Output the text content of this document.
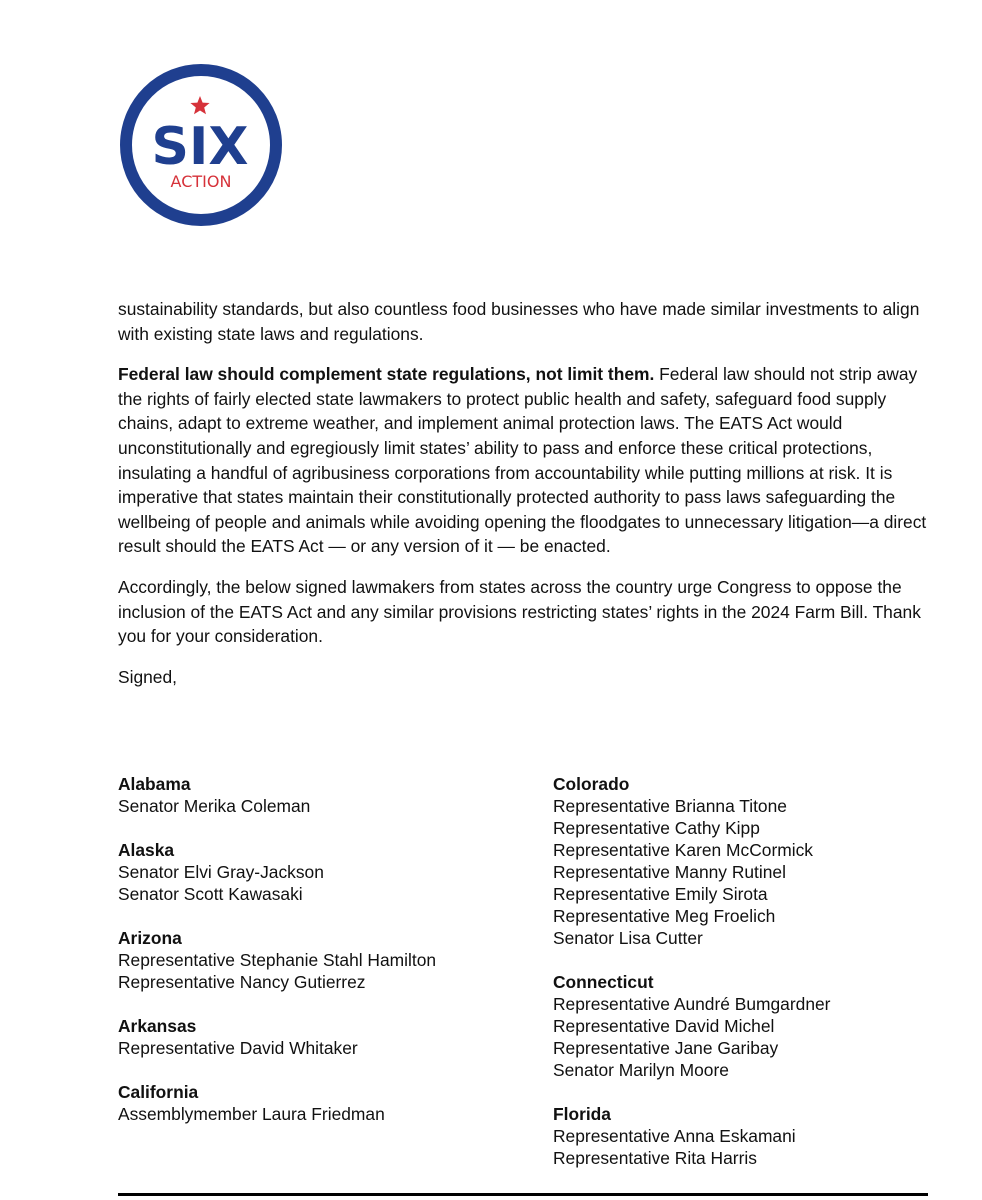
SIX
ACTION

sustainability standards, but also countless food businesses who have made similar investments to align with existing state laws and regulations.

Federal law should complement state regulations, not limit them. Federal law should not strip away the rights of fairly elected state lawmakers to protect public health and safety, safeguard food supply chains, adapt to extreme weather, and implement animal protection laws. The EATS Act would unconstitutionally and egregiously limit states’ ability to pass and enforce these critical protections, insulating a handful of agribusiness corporations from accountability while putting millions at risk. It is imperative that states maintain their constitutionally protected authority to pass laws safeguarding the wellbeing of people and animals while avoiding opening the floodgates to unnecessary litigation—a direct result should the EATS Act — or any version of it — be enacted.

Accordingly, the below signed lawmakers from states across the country urge Congress to oppose the inclusion of the EATS Act and any similar provisions restricting states’ rights in the 2024 Farm Bill. Thank you for your consideration.

Signed,

Alabama
Senator Merika Coleman
Alaska
Senator Elvi Gray-Jackson
Senator Scott Kawasaki
Arizona
Representative Stephanie Stahl Hamilton
Representative Nancy Gutierrez
Arkansas
Representative David Whitaker
California
Assemblymember Laura Friedman
Colorado
Representative Brianna Titone
Representative Cathy Kipp
Representative Karen McCormick
Representative Manny Rutinel
Representative Emily Sirota
Representative Meg Froelich
Senator Lisa Cutter
Connecticut
Representative Aundré Bumgardner
Representative David Michel
Representative Jane Garibay
Senator Marilyn Moore
Florida
Representative Anna Eskamani
Representative Rita Harris
